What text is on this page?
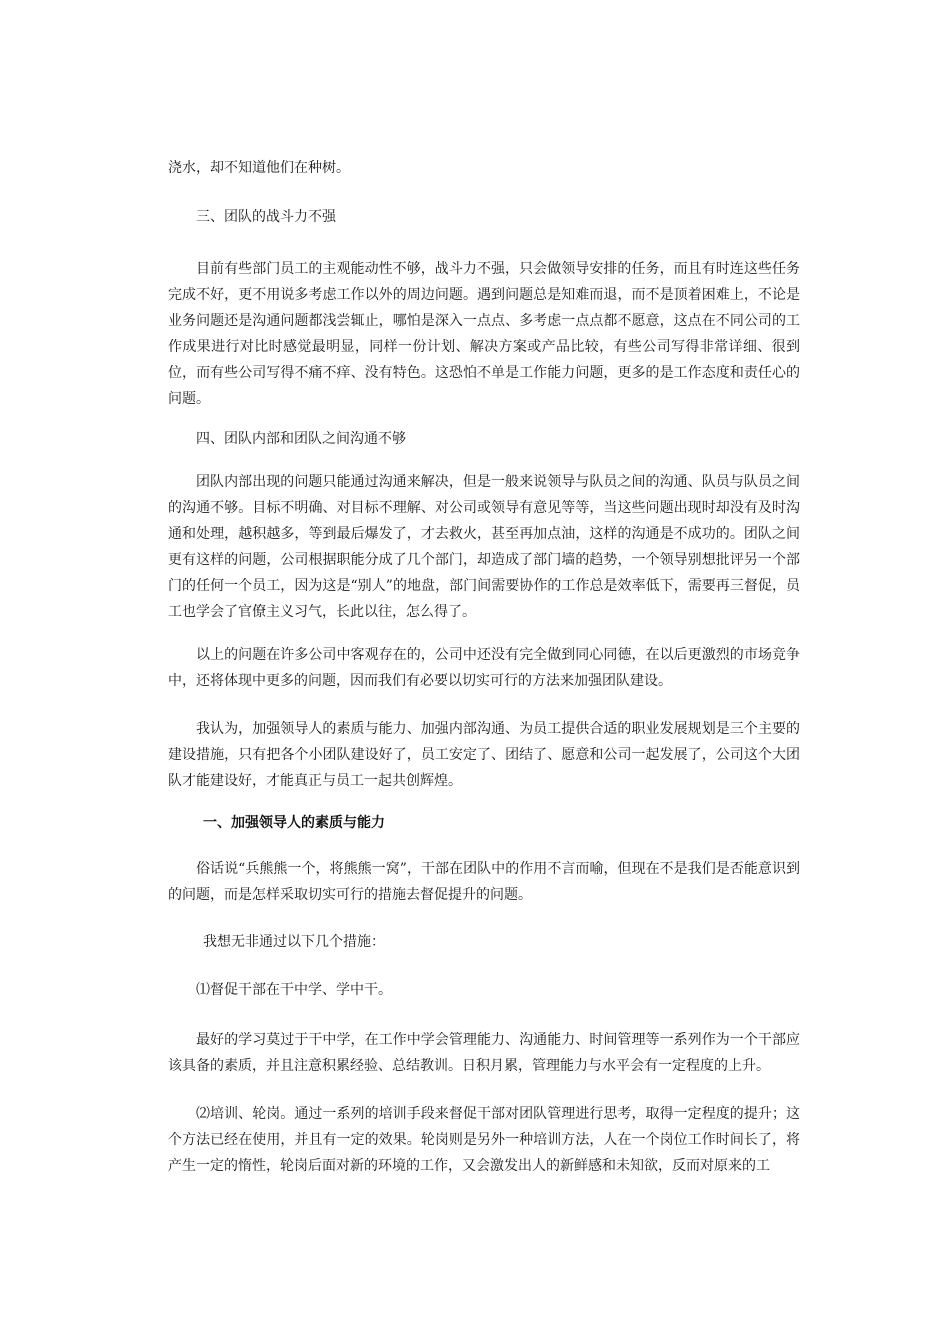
浇水，却不知道他们在种树。

三、团队的战斗力不强

目前有些部门员工的主观能动性不够，战斗力不强，只会做领导安排的任务，而且有时连这些任务完成不好，更不用说多考虑工作以外的周边问题。遇到问题总是知难而退，而不是顶着困难上，不论是业务问题还是沟通问题都浅尝辄止，哪怕是深入一点点、多考虑一点点都不愿意，这点在不同公司的工作成果进行对比时感觉最明显，同样一份计划、解决方案或产品比较，有些公司写得非常详细、很到位，而有些公司写得不痛不痒、没有特色。这恐怕不单是工作能力问题，更多的是工作态度和责任心的问题。

四、团队内部和团队之间沟通不够

团队内部出现的问题只能通过沟通来解决，但是一般来说领导与队员之间的沟通、队员与队员之间的沟通不够。目标不明确、对目标不理解、对公司或领导有意见等等，当这些问题出现时却没有及时沟通和处理，越积越多，等到最后爆发了，才去救火，甚至再加点油，这样的沟通是不成功的。团队之间更有这样的问题，公司根据职能分成了几个部门，却造成了部门墙的趋势，一个领导别想批评另一个部门的任何一个员工，因为这是“别人”的地盘，部门间需要协作的工作总是效率低下，需要再三督促，员工也学会了官僚主义习气，长此以往，怎么得了。

以上的问题在许多公司中客观存在的，公司中还没有完全做到同心同德，在以后更激烈的市场竞争中，还将体现中更多的问题，因而我们有必要以切实可行的方法来加强团队建设。

我认为，加强领导人的素质与能力、加强内部沟通、为员工提供合适的职业发展规划是三个主要的建设措施，只有把各个小团队建设好了，员工安定了、团结了、愿意和公司一起发展了，公司这个大团队才能建设好，才能真正与员工一起共创辉煌。

一、加强领导人的素质与能力

俗话说“兵熊熊一个，将熊熊一窝”，干部在团队中的作用不言而喻，但现在不是我们是否能意识到的问题，而是怎样采取切实可行的措施去督促提升的问题。

我想无非通过以下几个措施：

⑴督促干部在干中学、学中干。

最好的学习莫过于干中学，在工作中学会管理能力、沟通能力、时间管理等一系列作为一个干部应该具备的素质，并且注意积累经验、总结教训。日积月累，管理能力与水平会有一定程度的上升。

⑵培训、轮岗。通过一系列的培训手段来督促干部对团队管理进行思考，取得一定程度的提升；这个方法已经在使用，并且有一定的效果。轮岗则是另外一种培训方法，人在一个岗位工作时间长了，将产生一定的惰性，轮岗后面对新的环境的工作，又会激发出人的新鲜感和未知欲，反而对原来的工
